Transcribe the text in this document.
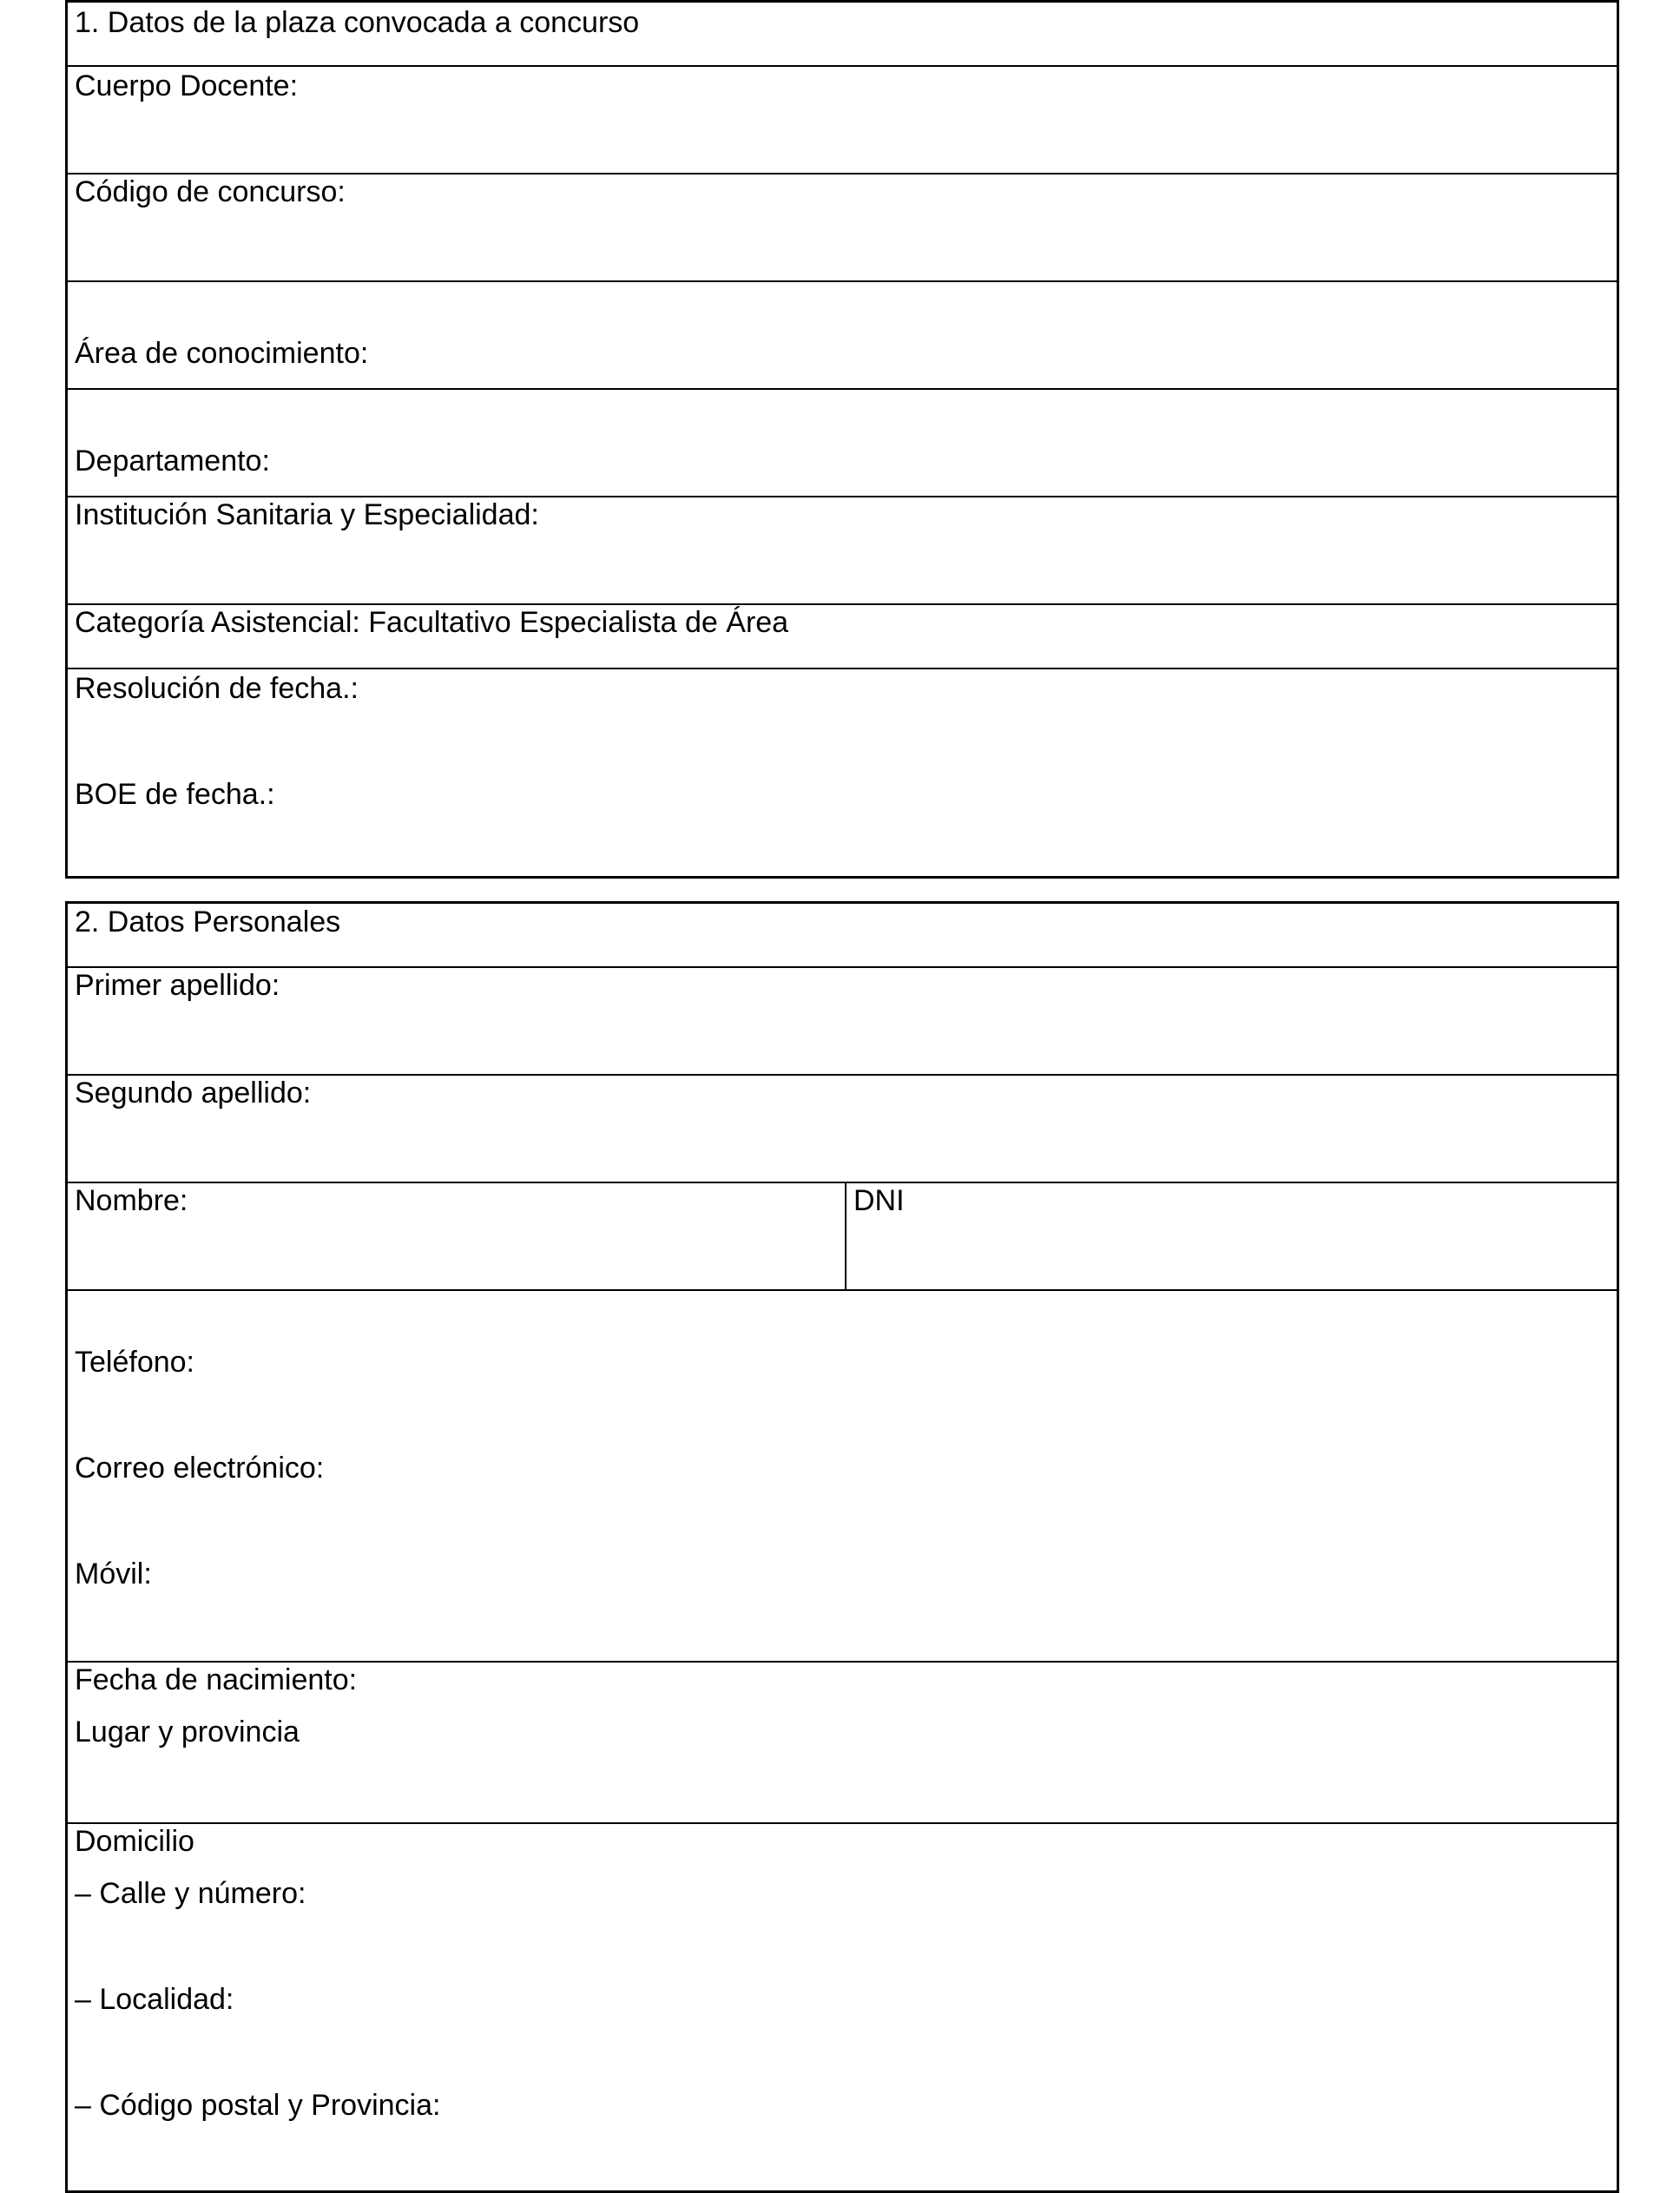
1. Datos de la plaza convocada a concurso
Cuerpo Docente:
Código de concurso:
Área de conocimiento:
Departamento:
Institución Sanitaria y Especialidad:
Categoría Asistencial: Facultativo Especialista de Área
Resolución de fecha.:
BOE de fecha.:
2. Datos Personales
Primer apellido:
Segundo apellido:
Nombre:	DNI
Teléfono:
Correo electrónico:
Móvil:
Fecha de nacimiento:
Lugar y provincia
Domicilio
– Calle y número:
– Localidad:
– Código postal y Provincia:
